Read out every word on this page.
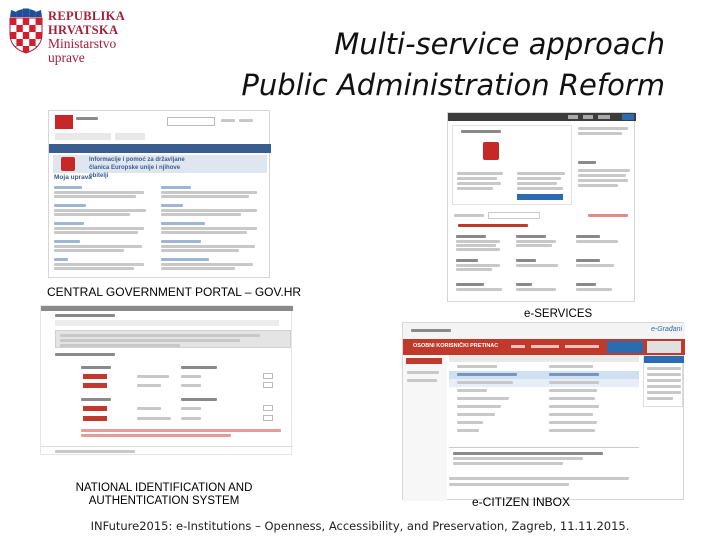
REPUBLIKA HRVATSKA
Ministarstvo
uprave	Multi-service approach
Public Administration Reform
Informacije i pomoć za državljane članica Europske unije i njihove obitelji
Moja uprava
CENTRAL GOVERNMENT PORTAL – GOV.HR
e-SERVICES
NATIONAL IDENTIFICATION AND
AUTHENTICATION SYSTEM
e-Građani
OSOBNI KORISNIČKI PRETINAC
e-CITIZEN INBOX
INFuture2015: e-Institutions – Openness, Accessibility, and Preservation, Zagreb, 11.11.2015.
